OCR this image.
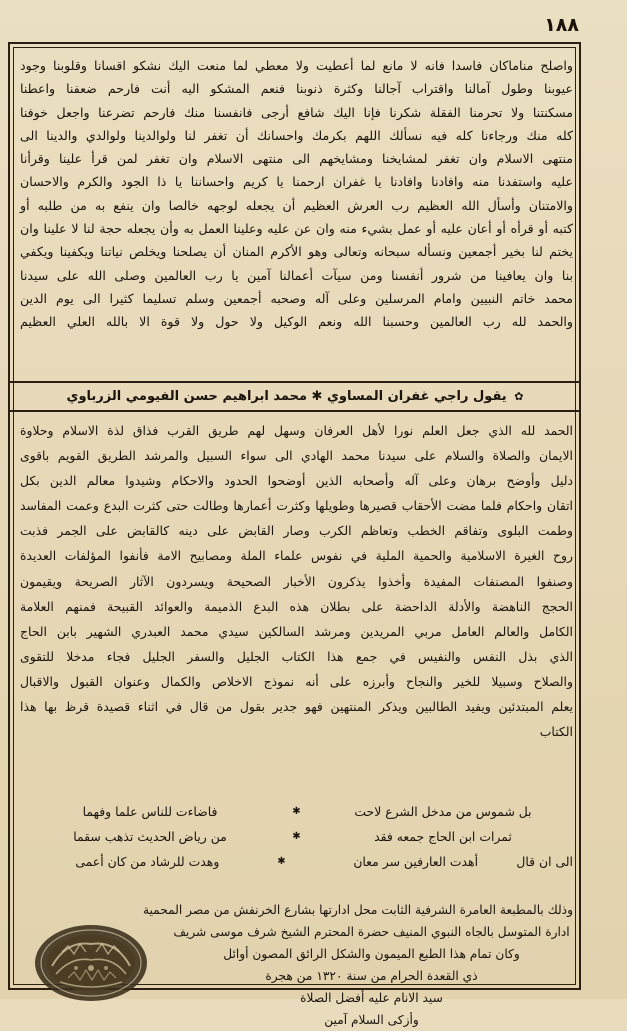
١٨٨
واصلح مناماكان فاسدا فانه لا مانع لما أعطيت ولا معطي لما منعت اليك نشكو اقسانا وقلوبنا وجود
عيوبنا وطول آمالنا واقتراب آجالنا وكثرة ذنوبنا فنعم المشكو اليه أنت فارحم ضعفنا واعطنا
مسكنتنا ولا تحرمنا الفقلة شكرنا فإنا اليك شافع أرجى فانفسنا منك فارحم تضرعنا واجعل خوفنا
كله منك ورجاءنا كله فيه نسألك اللهم بكرمك واحسانك أن تغفر لنا ولوالدينا ولوالدي والدينا الى
منتهى الاسلام وان تغفر لمشايخنا ومشايخهم الى منتهى الاسلام وان تغفر لمن قرأ علينا وقرأنا
عليه واستفدنا منه وافادنا وافادنا يا غفران ارحمنا يا كريم واحساننا يا ذا الجود والكرم والاحسان
والامتنان وأسأل الله العظيم رب العرش العظيم أن يجعله لوجهه خالصا وان ينفع به من طلبه أو
كتبه أو قرأه أو أعان عليه أو عمل بشيء منه وان عن عليه وعلينا العمل به وأن يجعله حجة لنا لا علينا وان
يختم لنا بخير أجمعين ونسأله سبحانه وتعالى وهو الأكرم المنان أن يصلحنا ويخلص نياتنا ويكفينا ويكفي
بنا وان يعافينا من شرور أنفسنا ومن سيآت أعمالنا آمين يا رب العالمين وصلى الله على سيدنا
محمد خاتم النبيين وامام المرسلين وعلى آله وصحبه أجمعين وسلم تسليما كثيرا الى يوم الدين
والحمد لله رب العالمين وحسبنا الله ونعم الوكيل ولا حول ولا قوة الا بالله العلي العظيم
✿ يقول راجي غفران المساوي ✱ محمد ابراهيم حسن الفيومي الزرباوي
الحمد لله الذي جعل العلم نورا لأهل العرفان وسهل لهم طريق القرب فذاق لذة الاسلام وحلاوة
الايمان والصلاة والسلام على سيدنا محمد الهادي الى سواء السبيل والمرشد الطريق القويم باقوى
دليل وأوضح برهان وعلى آله وأصحابه الذين أوضحوا الحدود والاحكام وشيدوا معالم الدين بكل
اتقان واحكام فلما مضت الأحقاب قصيرها وطويلها وكثرت أعمارها وطالت حتى كثرت البدع وعمت المفاسد
وطمت البلوى وتفاقم الخطب وتعاظم الكرب وصار القابض على دينه كالقابض على الجمر فذبت
روح الغيرة الاسلامية والحمية الملية في نفوس علماء الملة ومصابيح الامة فأنفوا المؤلفات العديدة
وصنفوا المصنفات المفيدة وأخذوا يذكرون الأخبار الصحيحة ويسردون الآثار الصريحة ويقيمون
الحجج الناهضة والأدلة الداحضة على بطلان هذه البدع الذميمة والعوائد القبيحة فمنهم العلامة
الكامل والعالم العامل مربي المريدين ومرشد السالكين سيدي محمد العبدري الشهير بابن الحاج
الذي بذل النفس والنفيس في جمع هذا الكتاب الجليل والسفر الجليل فجاء مدخلا للتقوى
والصلاح وسبيلا للخير والنجاح وأبرزه على أنه نموذج الاخلاص والكمال وعنوان القبول والاقبال
يعلم المبتدئين ويفيد الطالبين ويذكر المنتهين فهو جدير بقول من قال في اثناء قصيدة قرظ بها هذا
الكتاب
بل شموس من مدخل الشرع لاحت
✱
فاضاءت للناس علما وفهما
ثمرات ابن الحاج جمعه فقد
✱
من رياض الحديث تذهب سقما
الى ان قال
أهدت العارفين سر معان
✱
وهدت للرشاد من كان أعمى
وذلك بالمطبعة العامرة الشرفية الثابت محل ادارتها بشارع الخرنفش من مصر المحمية
ادارة المتوسل بالجاه النبوي المنيف حضرة المحترم الشيخ شرف موسى شريف
وكان تمام هذا الطبع الميمون والشكل الرائق المصون أوائل
ذي القعدة الحرام من سنة ١٣٢٠ من هجرة
سيد الانام عليه أفضل الصلاة
وأزكى السلام آمين
